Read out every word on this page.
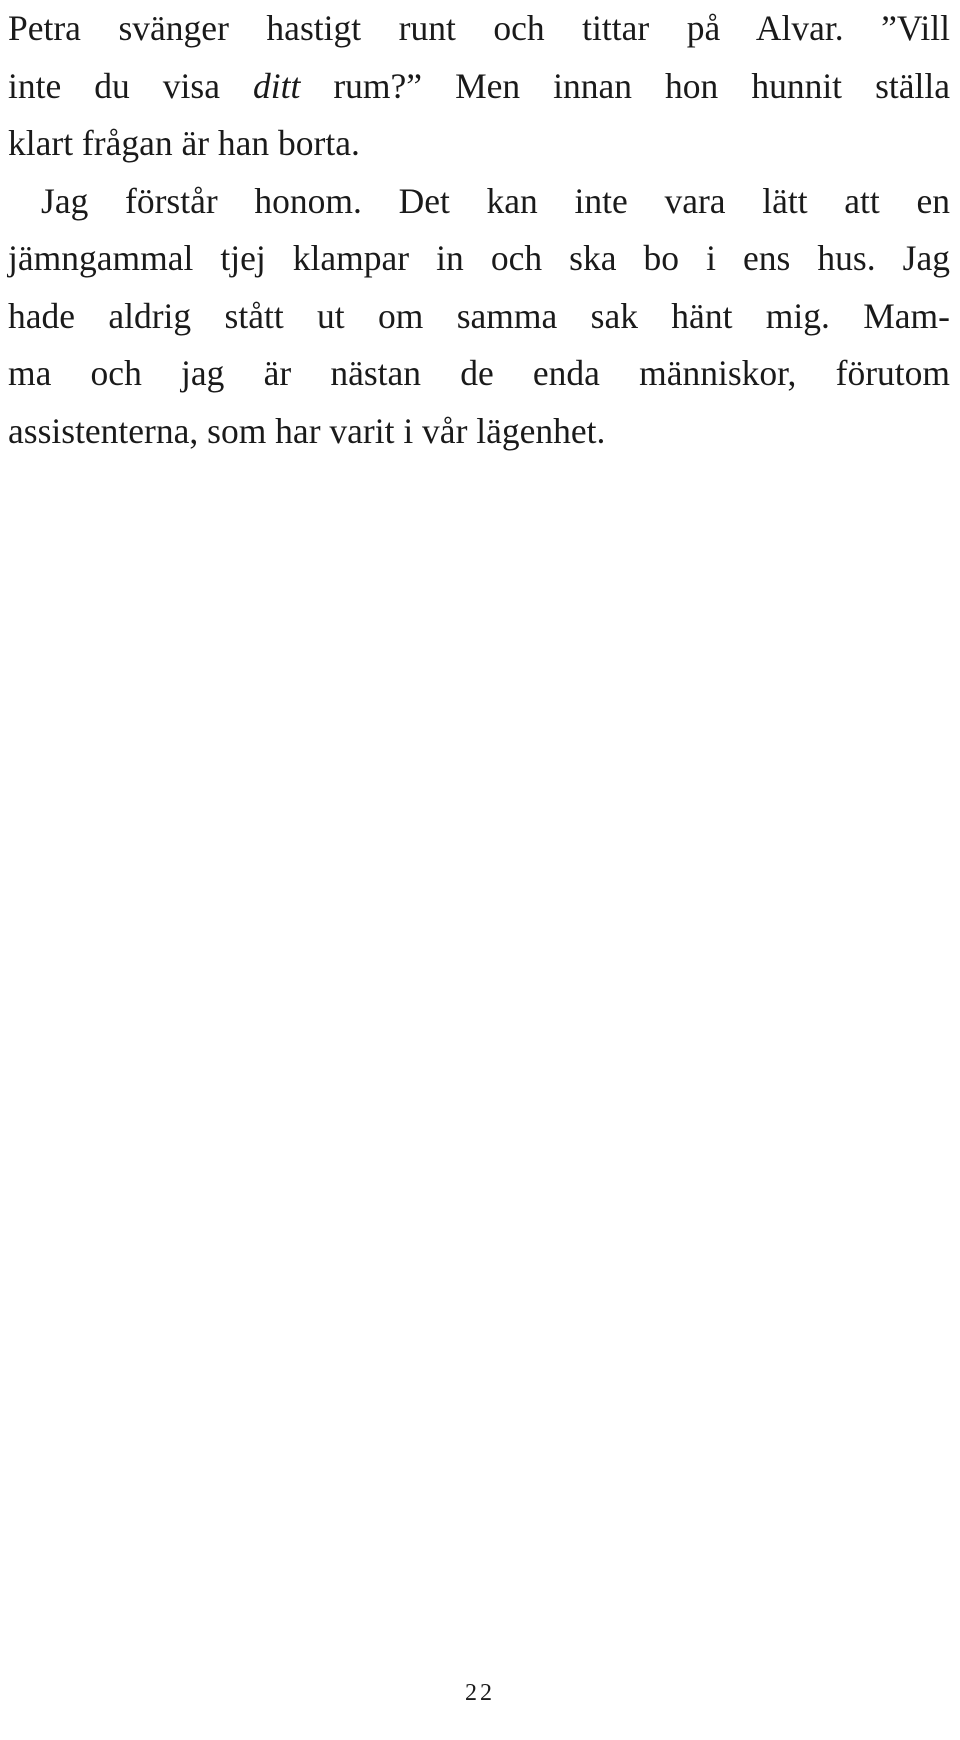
Petra svänger hastigt runt och tittar på Alvar. ”Vill
inte du visa ditt rum?” Men innan hon hunnit ställa
klart frågan är han borta.
Jag förstår honom. Det kan inte vara lätt att en
jämngammal tjej klampar in och ska bo i ens hus. Jag
hade aldrig stått ut om samma sak hänt mig. Mam-
ma och jag är nästan de enda människor, förutom
assistenterna, som har varit i vår lägenhet.
22
